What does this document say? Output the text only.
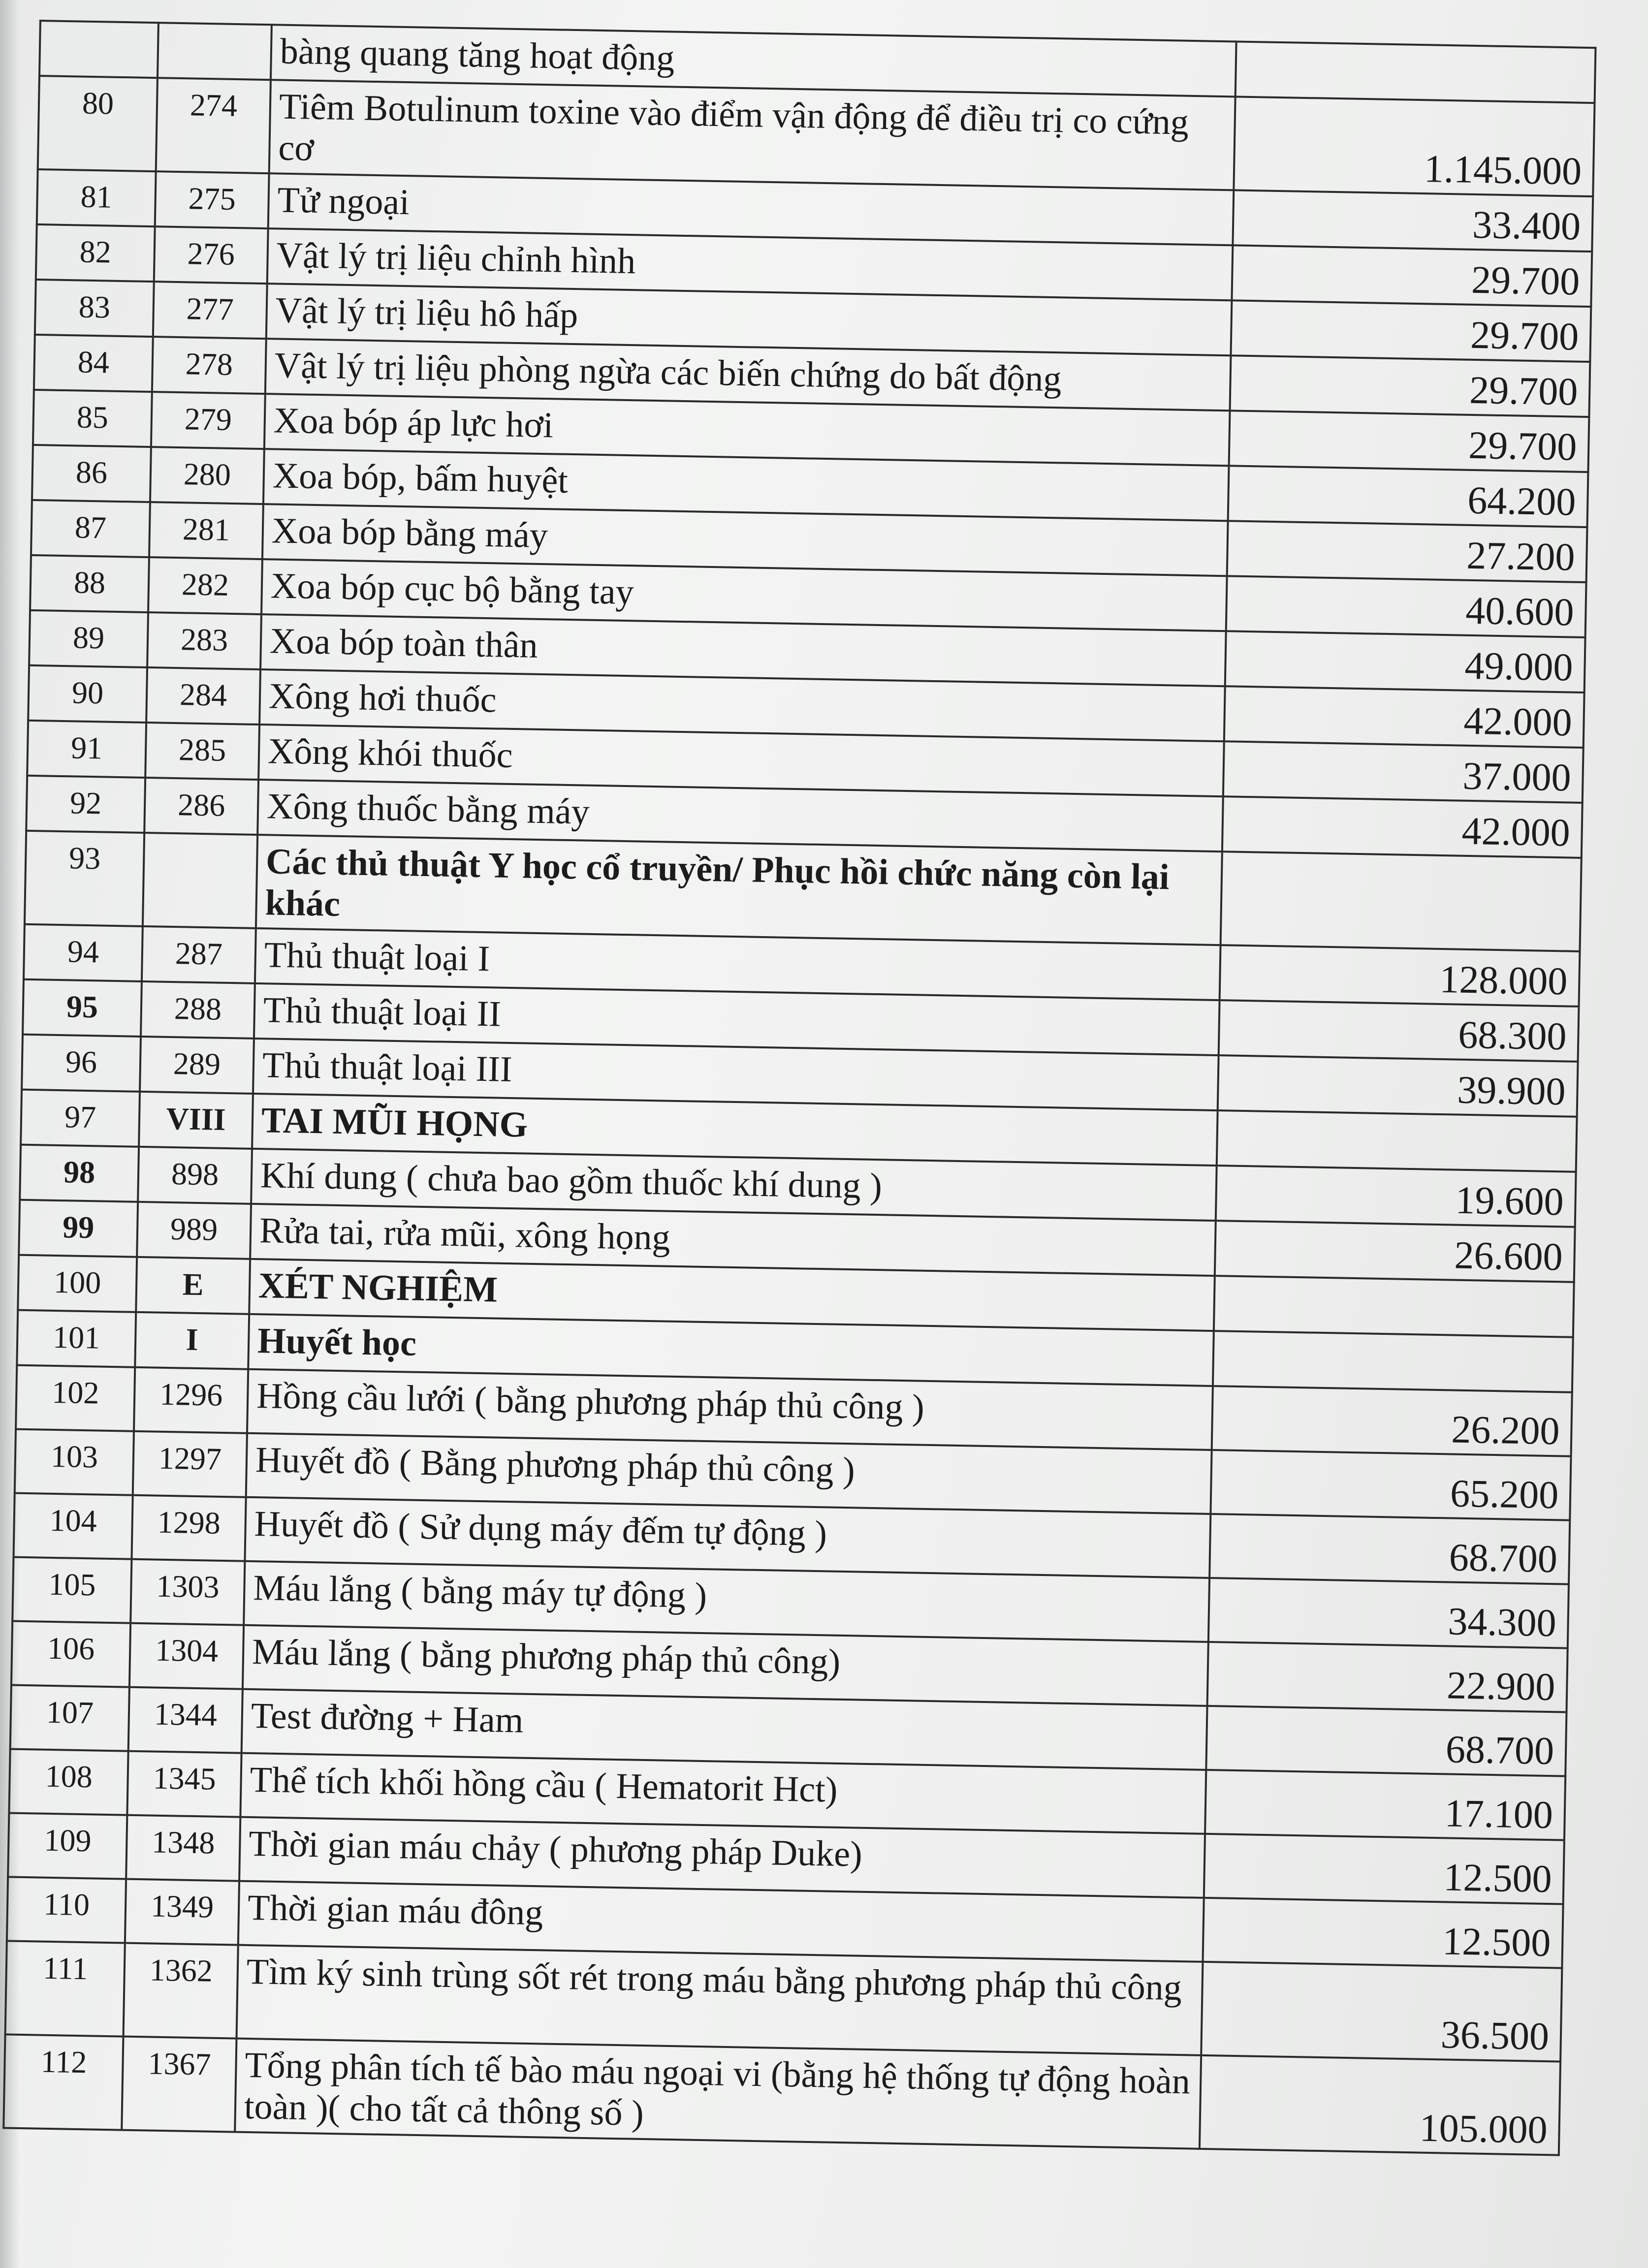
		bàng quang tăng hoạt động	
80	274	Tiêm Botulinum toxine vào điểm vận động để điều trị co cứng cơ	1.145.000
81	275	Tử ngoại	33.400
82	276	Vật lý trị liệu chỉnh hình	29.700
83	277	Vật lý trị liệu hô hấp	29.700
84	278	Vật lý trị liệu phòng ngừa các biến chứng do bất động	29.700
85	279	Xoa bóp áp lực hơi	29.700
86	280	Xoa bóp, bấm huyệt	64.200
87	281	Xoa bóp bằng máy	27.200
88	282	Xoa bóp cục bộ bằng tay	40.600
89	283	Xoa bóp toàn thân	49.000
90	284	Xông hơi thuốc	42.000
91	285	Xông khói thuốc	37.000
92	286	Xông thuốc bằng máy	42.000
93		Các thủ thuật Y học cổ truyền/ Phục hồi chức năng còn lại khác	
94	287	Thủ thuật loại I	128.000
95	288	Thủ thuật loại II	68.300
96	289	Thủ thuật loại III	39.900
97	VIII	TAI MŨI HỌNG	
98	898	Khí dung ( chưa bao gồm thuốc khí dung )	19.600
99	989	Rửa tai, rửa mũi, xông họng	26.600
100	E	XÉT NGHIỆM	
101	I	Huyết học	
102	1296	Hồng cầu lưới ( bằng phương pháp thủ công )	26.200
103	1297	Huyết đồ ( Bằng phương pháp thủ công )	65.200
104	1298	Huyết đồ ( Sử dụng máy đếm tự động )	68.700
105	1303	Máu lắng ( bằng máy tự động )	34.300
106	1304	Máu lắng ( bằng phương pháp thủ công)	22.900
107	1344	Test đường + Ham	68.700
108	1345	Thể tích khối hồng cầu ( Hematorit Hct)	17.100
109	1348	Thời gian máu chảy ( phương pháp Duke)	12.500
110	1349	Thời gian máu đông	12.500
111	1362	Tìm ký sinh trùng sốt rét trong máu bằng phương pháp thủ công	36.500
112	1367	Tổng phân tích tế bào máu ngoại vi (bằng hệ thống tự động hoàn toàn )( cho tất cả thông số )	105.000
